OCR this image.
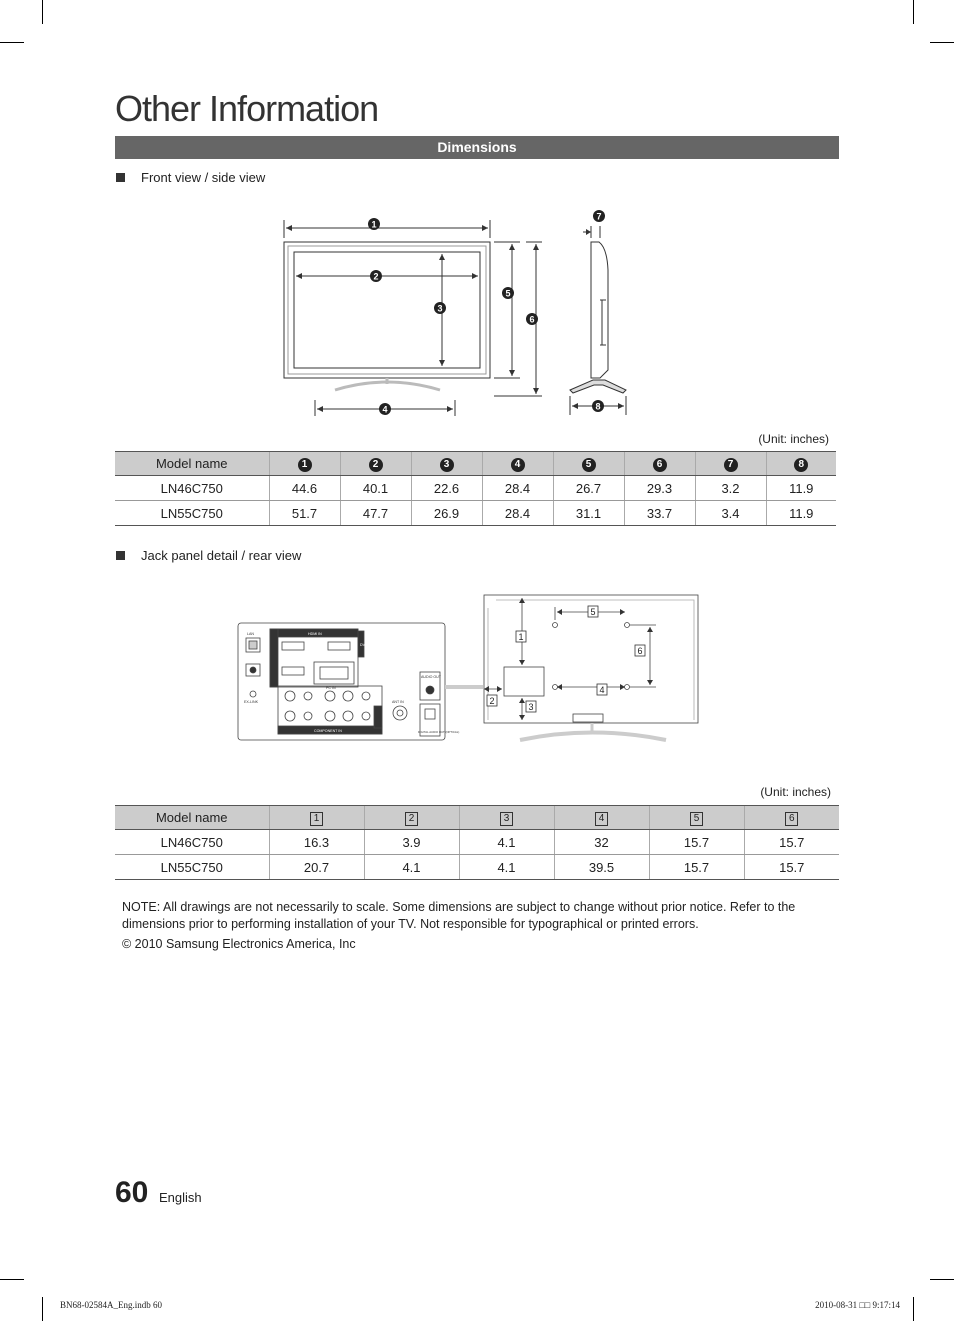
Other Information
Dimensions
Front view / side view
1
2
3
4
5
6
7
8
(Unit: inches)
Model name	1	2	3	4	5	6	7	8
LN46C750	44.6	40.1	22.6	28.4	26.7	29.3	3.2	11.9
LN55C750	51.7	47.7	26.9	28.4	31.1	33.7	3.4	11.9
Jack panel detail / rear view
LAN	HDMI IN
DVI
PC IN
EX-LINK
COMPONENT IN
ANT IN
AUDIO OUT
DIGITAL AUDIO OUT (OPTICAL)
1
2
3
4
5
6
(Unit: inches)
Model name	1	2	3	4	5	6
LN46C750	16.3	3.9	4.1	32	15.7	15.7
LN55C750	20.7	4.1	4.1	39.5	15.7	15.7

NOTE: All drawings are not necessarily to scale. Some dimensions are subject to change without prior notice. Refer to the dimensions prior to performing installation of your TV. Not responsible for typographical or printed errors.

© 2010 Samsung Electronics America, Inc

60 English
BN68-02584A_Eng.indb 60	2010-08-31 □□ 9:17:14
